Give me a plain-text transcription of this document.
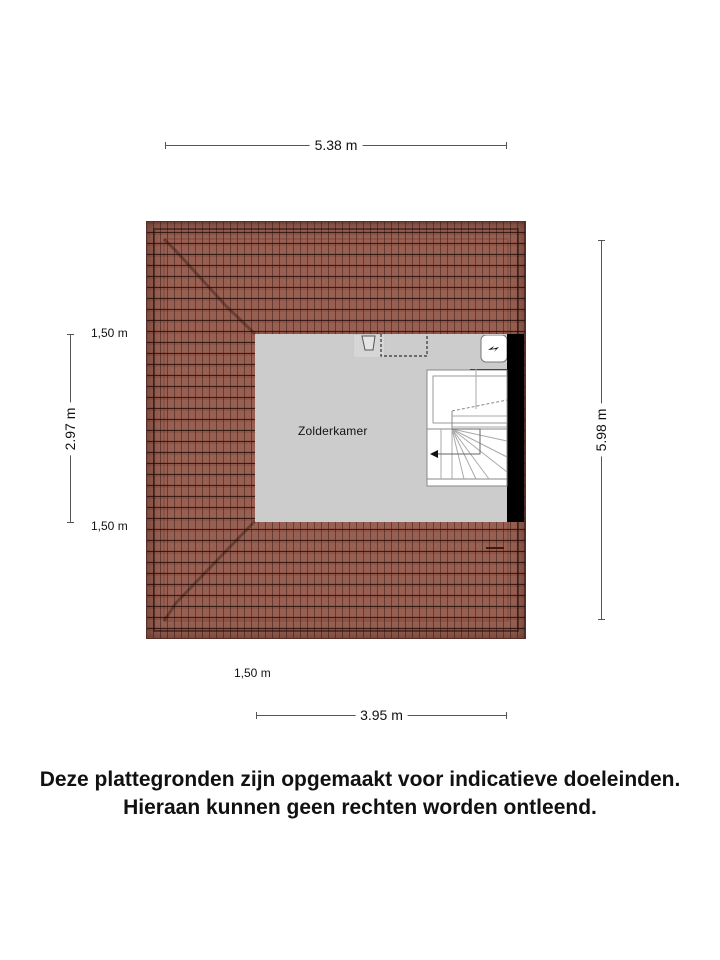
5.38 m
Zolderkamer
1,50 m
2.97 m
1,50 m
5.98 m
1,50 m
3.95 m
Deze plattegronden zijn opgemaakt voor indicatieve doeleinden.
Hieraan kunnen geen rechten worden ontleend.
